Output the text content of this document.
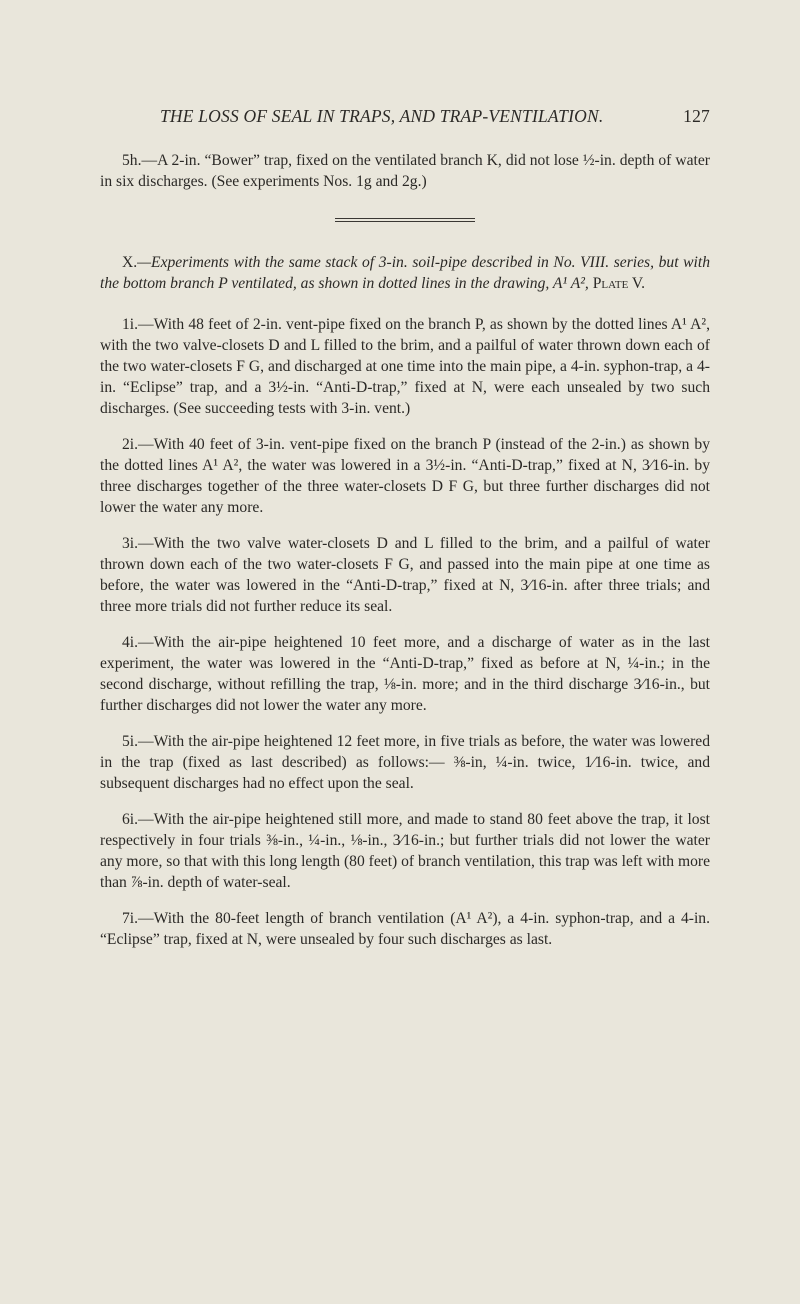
THE LOSS OF SEAL IN TRAPS, AND TRAP-VENTILATION.	127

5h.—A 2-in. “Bower” trap, fixed on the ventilated branch K, did not lose ½-in. depth of water in six discharges. (See experiments Nos. 1g and 2g.)

X.—Experiments with the same stack of 3-in. soil-pipe described in No. VIII. series, but with the bottom branch P ventilated, as shown in dotted lines in the drawing, A¹ A², Plate V.

1i.—With 48 feet of 2-in. vent-pipe fixed on the branch P, as shown by the dotted lines A¹ A², with the two valve-closets D and L filled to the brim, and a pailful of water thrown down each of the two water-closets F G, and discharged at one time into the main pipe, a 4-in. syphon-trap, a 4-in. “Eclipse” trap, and a 3½-in. “Anti-D-trap,” fixed at N, were each unsealed by two such discharges. (See succeeding tests with 3-in. vent.)

2i.—With 40 feet of 3-in. vent-pipe fixed on the branch P (instead of the 2-in.) as shown by the dotted lines A¹ A², the water was lowered in a 3½-in. “Anti-D-trap,” fixed at N, 3⁄16-in. by three discharges together of the three water-closets D F G, but three further discharges did not lower the water any more.

3i.—With the two valve water-closets D and L filled to the brim, and a pailful of water thrown down each of the two water-closets F G, and passed into the main pipe at one time as before, the water was lowered in the “Anti-D-trap,” fixed at N, 3⁄16-in. after three trials; and three more trials did not further reduce its seal.

4i.—With the air-pipe heightened 10 feet more, and a discharge of water as in the last experiment, the water was lowered in the “Anti-D-trap,” fixed as before at N, ¼-in.; in the second discharge, without refilling the trap, ⅛-in. more; and in the third discharge 3⁄16-in., but further discharges did not lower the water any more.

5i.—With the air-pipe heightened 12 feet more, in five trials as before, the water was lowered in the trap (fixed as last described) as follows:— ⅜-in, ¼-in. twice, 1⁄16-in. twice, and subsequent discharges had no effect upon the seal.

6i.—With the air-pipe heightened still more, and made to stand 80 feet above the trap, it lost respectively in four trials ⅜-in., ¼-in., ⅛-in., 3⁄16-in.; but further trials did not lower the water any more, so that with this long length (80 feet) of branch ventilation, this trap was left with more than ⅞-in. depth of water-seal.

7i.—With the 80-feet length of branch ventilation (A¹ A²), a 4-in. syphon-trap, and a 4-in. “Eclipse” trap, fixed at N, were unsealed by four such discharges as last.
